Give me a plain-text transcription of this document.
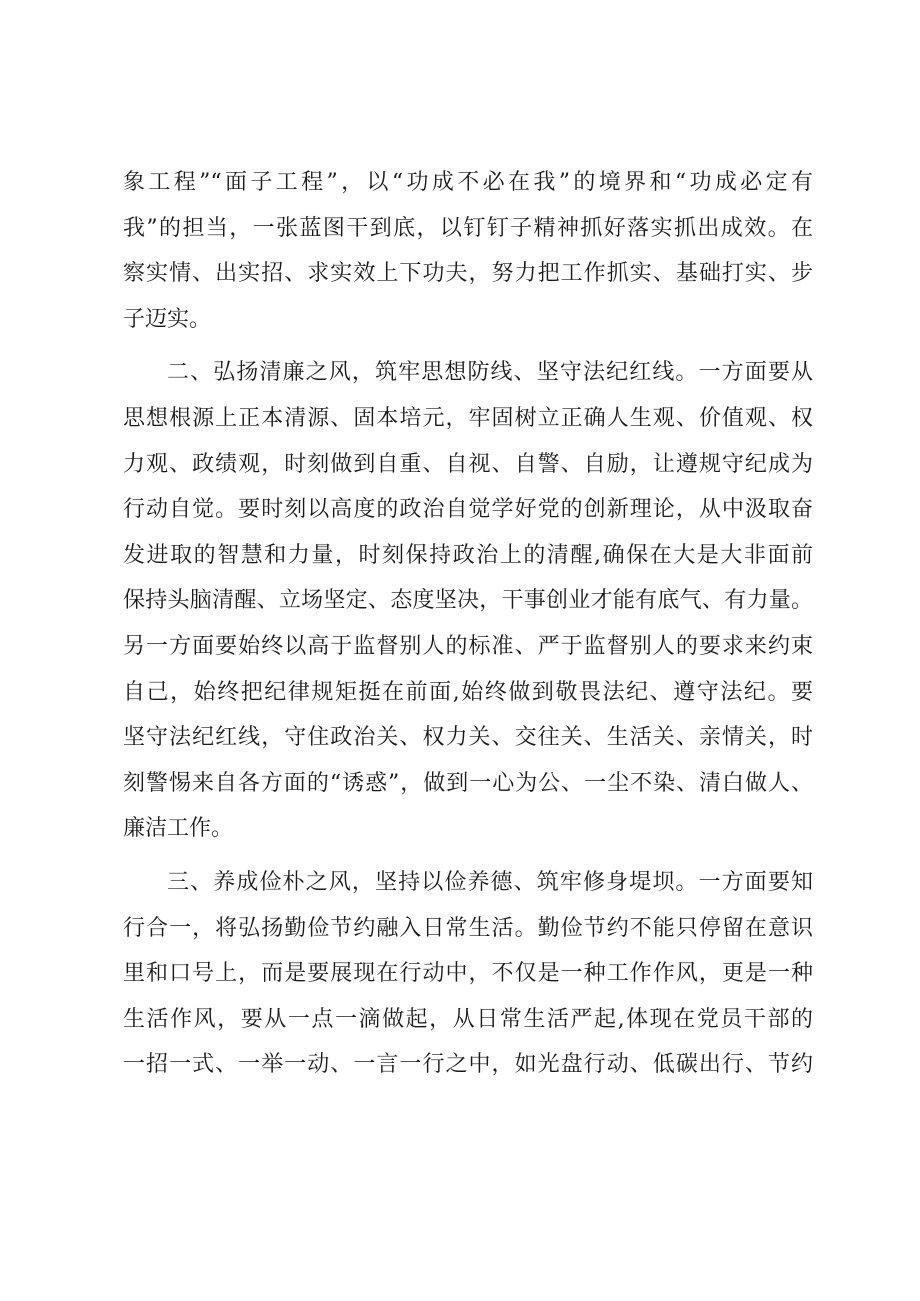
象工程”“面子工程”，以“功成不必在我”的境界和“功成必定有
我”的担当，一张蓝图干到底，以钉钉子精神抓好落实抓出成效。在
察实情、出实招、求实效上下功夫，努力把工作抓实、基础打实、步
子迈实。
二、弘扬清廉之风，筑牢思想防线、坚守法纪红线。一方面要从
思想根源上正本清源、固本培元，牢固树立正确人生观、价值观、权
力观、政绩观，时刻做到自重、自视、自警、自励，让遵规守纪成为
行动自觉。要时刻以高度的政治自觉学好党的创新理论，从中汲取奋
发进取的智慧和力量，时刻保持政治上的清醒,确保在大是大非面前
保持头脑清醒、立场坚定、态度坚决，干事创业才能有底气、有力量。
另一方面要始终以高于监督别人的标准、严于监督别人的要求来约束
自己，始终把纪律规矩挺在前面,始终做到敬畏法纪、遵守法纪。要
坚守法纪红线，守住政治关、权力关、交往关、生活关、亲情关，时
刻警惕来自各方面的“诱惑”，做到一心为公、一尘不染、清白做人、
廉洁工作。
三、养成俭朴之风，坚持以俭养德、筑牢修身堤坝。一方面要知
行合一，将弘扬勤俭节约融入日常生活。勤俭节约不能只停留在意识
里和口号上，而是要展现在行动中，不仅是一种工作作风，更是一种
生活作风，要从一点一滴做起，从日常生活严起,体现在党员干部的
一招一式、一举一动、一言一行之中，如光盘行动、低碳出行、节约
